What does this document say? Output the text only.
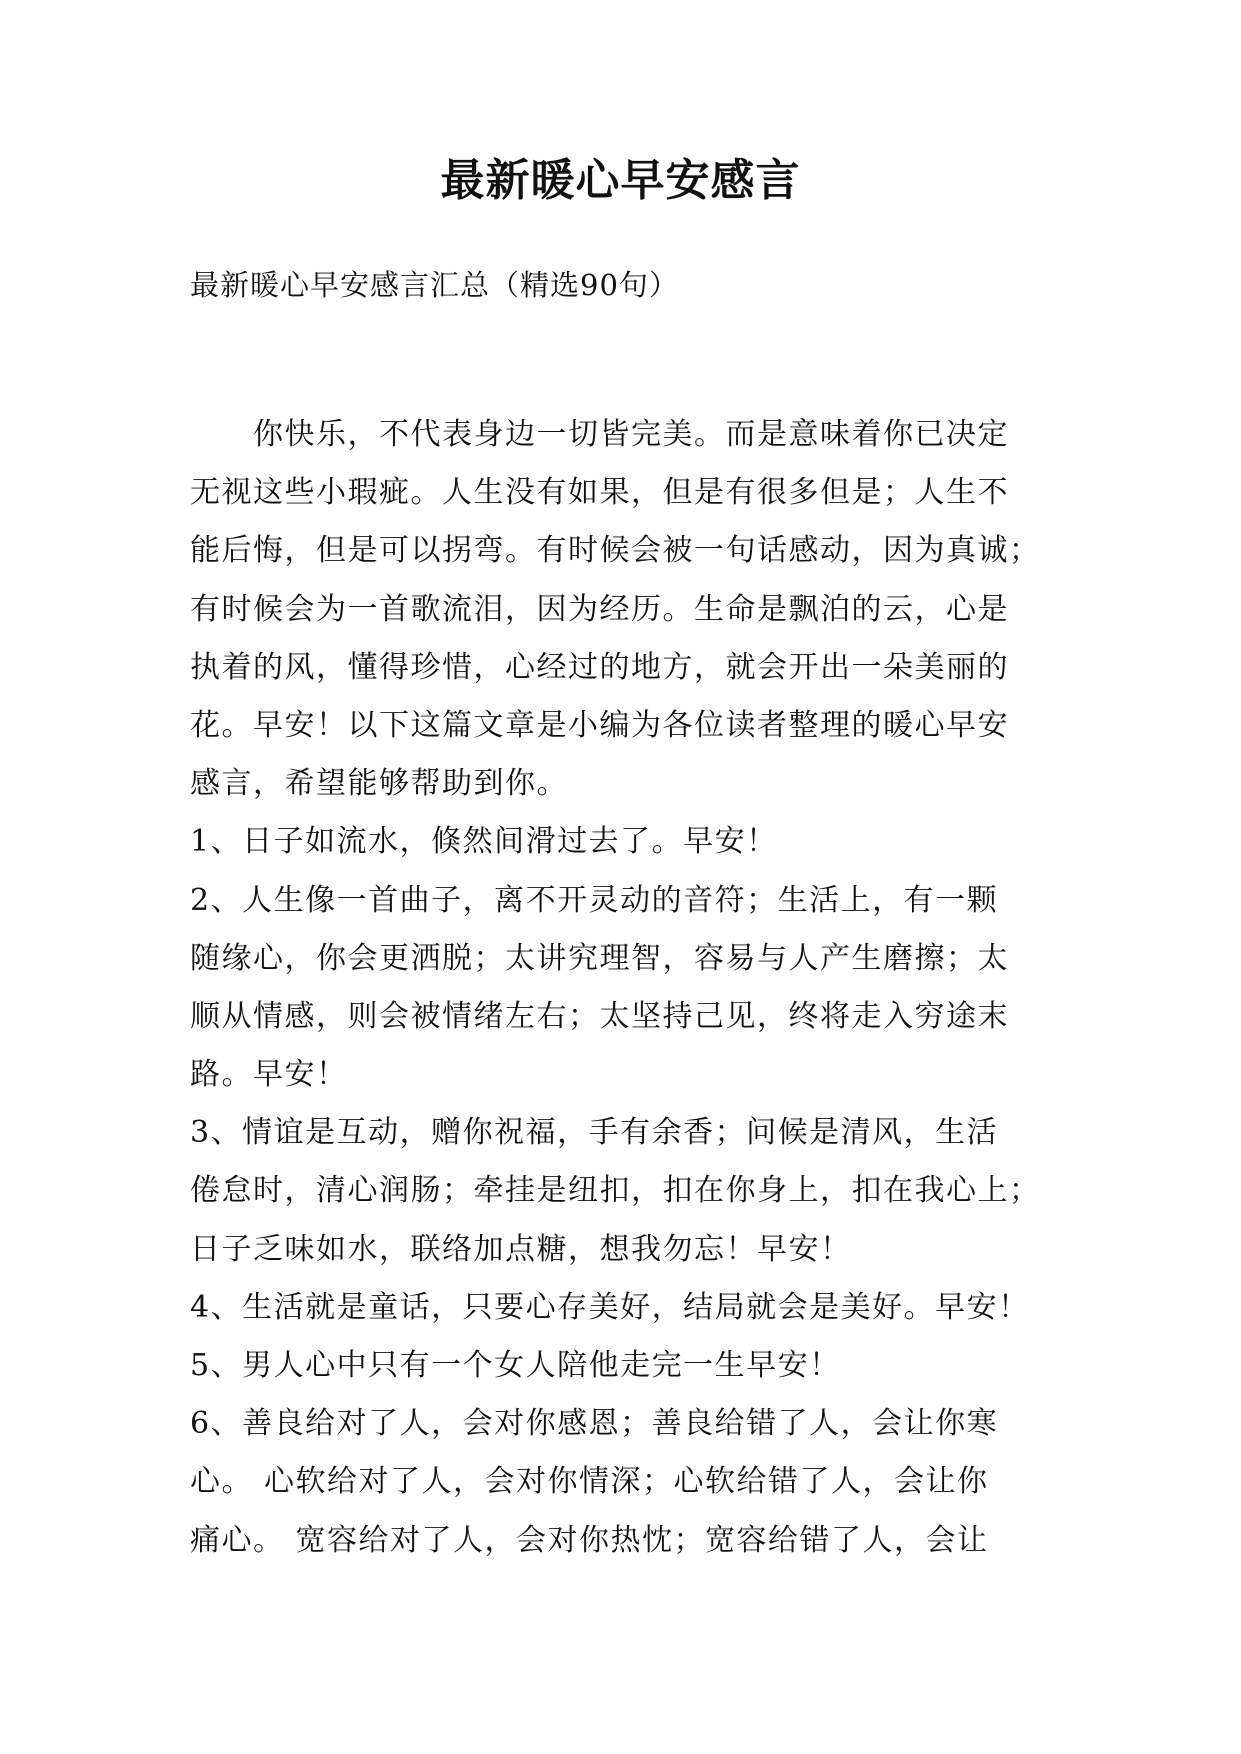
最新暖心早安感言
最新暖心早安感言汇总（精选90句）
　　你快乐，不代表身边一切皆完美。而是意味着你已决定
无视这些小瑕疵。人生没有如果，但是有很多但是；人生不
能后悔，但是可以拐弯。有时候会被一句话感动，因为真诚；
有时候会为一首歌流泪，因为经历。生命是飘泊的云，心是
执着的风，懂得珍惜，心经过的地方，就会开出一朵美丽的
花。早安！以下这篇文章是小编为各位读者整理的暖心早安
感言，希望能够帮助到你。
1、日子如流水，倏然间滑过去了。早安！
2、人生像一首曲子，离不开灵动的音符；生活上，有一颗
随缘心，你会更洒脱；太讲究理智，容易与人产生磨擦；太
顺从情感，则会被情绪左右；太坚持己见，终将走入穷途末
路。早安！
3、情谊是互动，赠你祝福，手有余香；问候是清风，生活
倦怠时，清心润肠；牵挂是纽扣，扣在你身上，扣在我心上；
日子乏味如水，联络加点糖，想我勿忘！早安！
4、生活就是童话，只要心存美好，结局就会是美好。早安！
5、男人心中只有一个女人陪他走完一生早安！
6、善良给对了人，会对你感恩；善良给错了人，会让你寒
心。 心软给对了人，会对你情深；心软给错了人，会让你
痛心。 宽容给对了人，会对你热忱；宽容给错了人，会让
